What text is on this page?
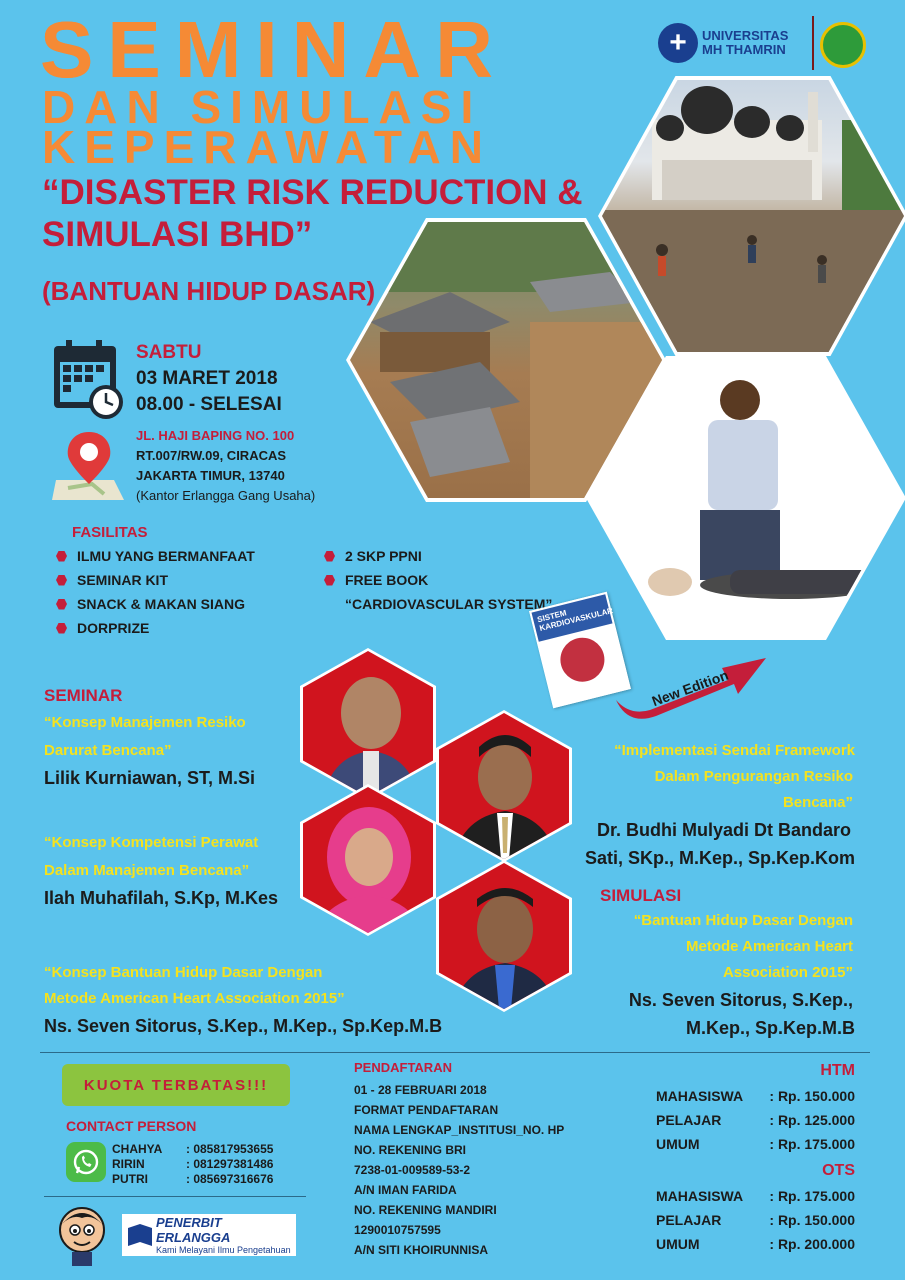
SEMINAR
DAN SIMULASI
KEPERAWATAN
“DISASTER RISK REDUCTION & SIMULASI BHD”
(BANTUAN HIDUP DASAR)
+	UNIVERSITAS
MH THAMRIN
SABTU
03 MARET 2018
08.00 - SELESAI
JL. HAJI BAPING NO. 100
RT.007/RW.09, CIRACAS
JAKARTA TIMUR, 13740
(Kantor Erlangga Gang Usaha)
FASILITAS
ILMU YANG BERMANFAAT
SEMINAR KIT
SNACK & MAKAN SIANG
DORPRIZE
2 SKP PPNI
FREE BOOK
“CARDIOVASCULAR SYSTEM”
SISTEM KARDIOVASKULAR
New Edition
SEMINAR
“Konsep Manajemen Resiko
Darurat Bencana”
Lilik Kurniawan, ST, M.Si
“Konsep Kompetensi Perawat
Dalam Manajemen Bencana”
Ilah Muhafilah, S.Kp, M.Kes
“Konsep Bantuan Hidup Dasar Dengan
Metode American Heart Association 2015”
Ns. Seven Sitorus, S.Kep., M.Kep., Sp.Kep.M.B
“Implementasi Sendai Framework
Dalam Pengurangan Resiko
Bencana”
Dr. Budhi Mulyadi Dt Bandaro
Sati, SKp., M.Kep., Sp.Kep.Kom
SIMULASI
“Bantuan Hidup Dasar Dengan
Metode American Heart
Association 2015”
Ns. Seven Sitorus, S.Kep.,
M.Kep., Sp.Kep.M.B
KUOTA TERBATAS!!!
CONTACT PERSON
CHAHYA : 085817953655
RIRIN	: 081297381486
PUTRI	: 085697316676
PENERBIT ERLANGGA
Kami Melayani Ilmu Pengetahuan
PENDAFTARAN
01 - 28 FEBRUARI 2018
FORMAT PENDAFTARAN
NAMA LENGKAP_INSTITUSI_NO. HP
NO. REKENING BRI
7238-01-009589-53-2
A/N IMAN FARIDA
NO. REKENING MANDIRI
1290010757595
A/N SITI KHOIRUNNISA
HTM
MAHASISWA : Rp. 150.000
PELAJAR	: Rp. 125.000
UMUM	: Rp. 175.000
OTS
MAHASISWA : Rp. 175.000
PELAJAR	: Rp. 150.000
UMUM	: Rp. 200.000
